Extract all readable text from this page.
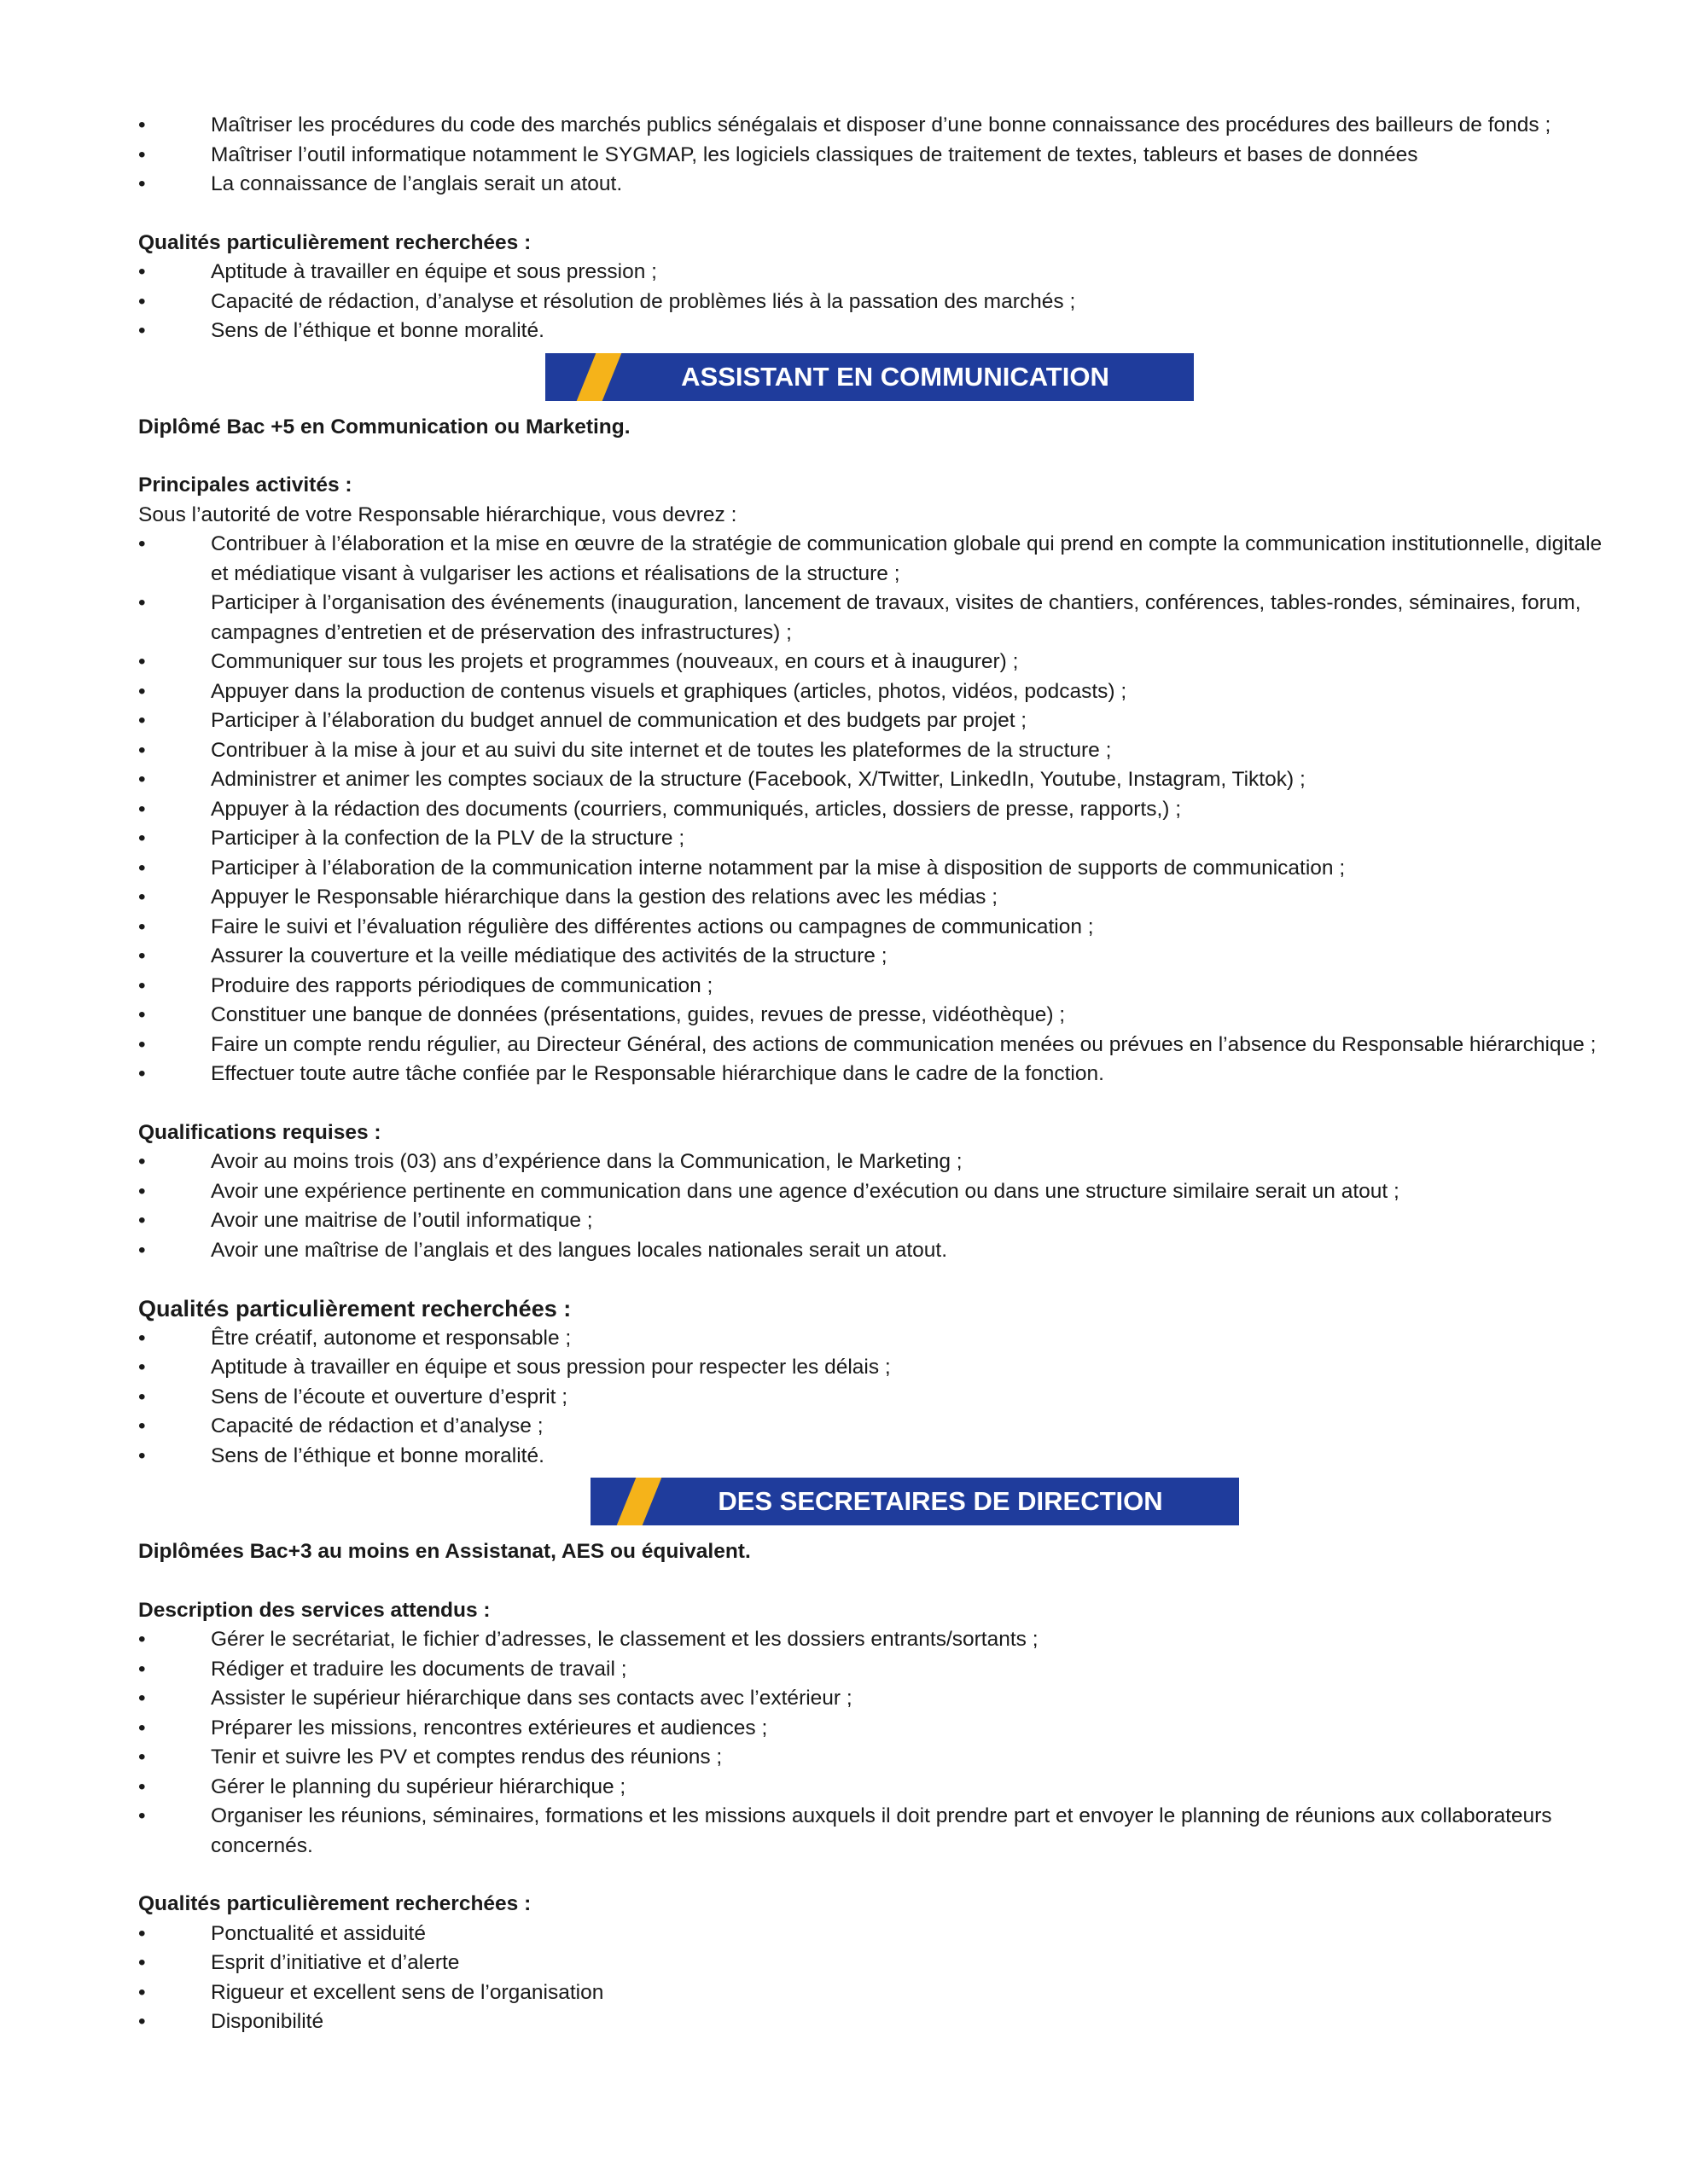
• Maîtriser les procédures du code des marchés publics sénégalais et disposer d’une bonne connaissance des procédures des bailleurs de fonds ;
• Maîtriser l’outil informatique notamment le SYGMAP, les logiciels classiques de traitement de textes, tableurs et bases de données
• La connaissance de l’anglais serait un atout.

Qualités particulièrement recherchées :

• Aptitude à travailler en équipe et sous pression ;
• Capacité de rédaction, d’analyse et résolution de problèmes liés à la passation des marchés ;
• Sens de l’éthique et bonne moralité.
ASSISTANT EN COMMUNICATION

Diplômé Bac +5 en Communication ou Marketing.

Principales activités :

Sous l’autorité de votre Responsable hiérarchique, vous devrez :

• Contribuer à l’élaboration et la mise en œuvre de la stratégie de communication globale qui prend en compte la communication institutionnelle, digitale et médiatique visant à vulgariser les actions et réalisations de la structure ;
• Participer à l’organisation des événements (inauguration, lancement de travaux, visites de chantiers, conférences, tables-rondes, séminaires, forum, campagnes d’entretien et de préservation des infrastructures) ;
• Communiquer sur tous les projets et programmes (nouveaux, en cours et à inaugurer) ;
• Appuyer dans la production de contenus visuels et graphiques (articles, photos, vidéos, podcasts) ;
• Participer à l’élaboration du budget annuel de communication et des budgets par projet ;
• Contribuer à la mise à jour et au suivi du site internet et de toutes les plateformes de la structure ;
• Administrer et animer les comptes sociaux de la structure (Facebook, X/Twitter, LinkedIn, Youtube, Instagram, Tiktok) ;
• Appuyer à la rédaction des documents (courriers, communiqués, articles, dossiers de presse, rapports,) ;
• Participer à la confection de la PLV de la structure ;
• Participer à l’élaboration de la communication interne notamment par la mise à disposition de supports de communication ;
• Appuyer le Responsable hiérarchique dans la gestion des relations avec les médias ;
• Faire le suivi et l’évaluation régulière des différentes actions ou campagnes de communication ;
• Assurer la couverture et la veille médiatique des activités de la structure ;
• Produire des rapports périodiques de communication ;
• Constituer une banque de données (présentations, guides, revues de presse, vidéothèque) ;
• Faire un compte rendu régulier, au Directeur Général, des actions de communication menées ou prévues en l’absence du Responsable hiérarchique ;
• Effectuer toute autre tâche confiée par le Responsable hiérarchique dans le cadre de la fonction.

Qualifications requises :

• Avoir au moins trois (03) ans d’expérience dans la Communication, le Marketing ;
• Avoir une expérience pertinente en communication dans une agence d’exécution ou dans une structure similaire serait un atout ;
• Avoir une maitrise de l’outil informatique ;
• Avoir une maîtrise de l’anglais et des langues locales nationales serait un atout.

Qualités particulièrement recherchées :

• Être créatif, autonome et responsable ;
• Aptitude à travailler en équipe et sous pression pour respecter les délais ;
• Sens de l’écoute et ouverture d’esprit ;
• Capacité de rédaction et d’analyse ;
• Sens de l’éthique et bonne moralité.
DES SECRETAIRES DE DIRECTION

Diplômées Bac+3 au moins en Assistanat, AES ou équivalent.

Description des services attendus :

• Gérer le secrétariat, le fichier d’adresses, le classement et les dossiers entrants/sortants ;
• Rédiger et traduire les documents de travail ;
• Assister le supérieur hiérarchique dans ses contacts avec l’extérieur ;
• Préparer les missions, rencontres extérieures et audiences ;
• Tenir et suivre les PV et comptes rendus des réunions ;
• Gérer le planning du supérieur hiérarchique ;
• Organiser les réunions, séminaires, formations et les missions auxquels il doit prendre part et envoyer le planning de réunions aux collaborateurs concernés.

Qualités particulièrement recherchées :

• Ponctualité et assiduité
• Esprit d’initiative et d’alerte
• Rigueur et excellent sens de l’organisation
• Disponibilité
